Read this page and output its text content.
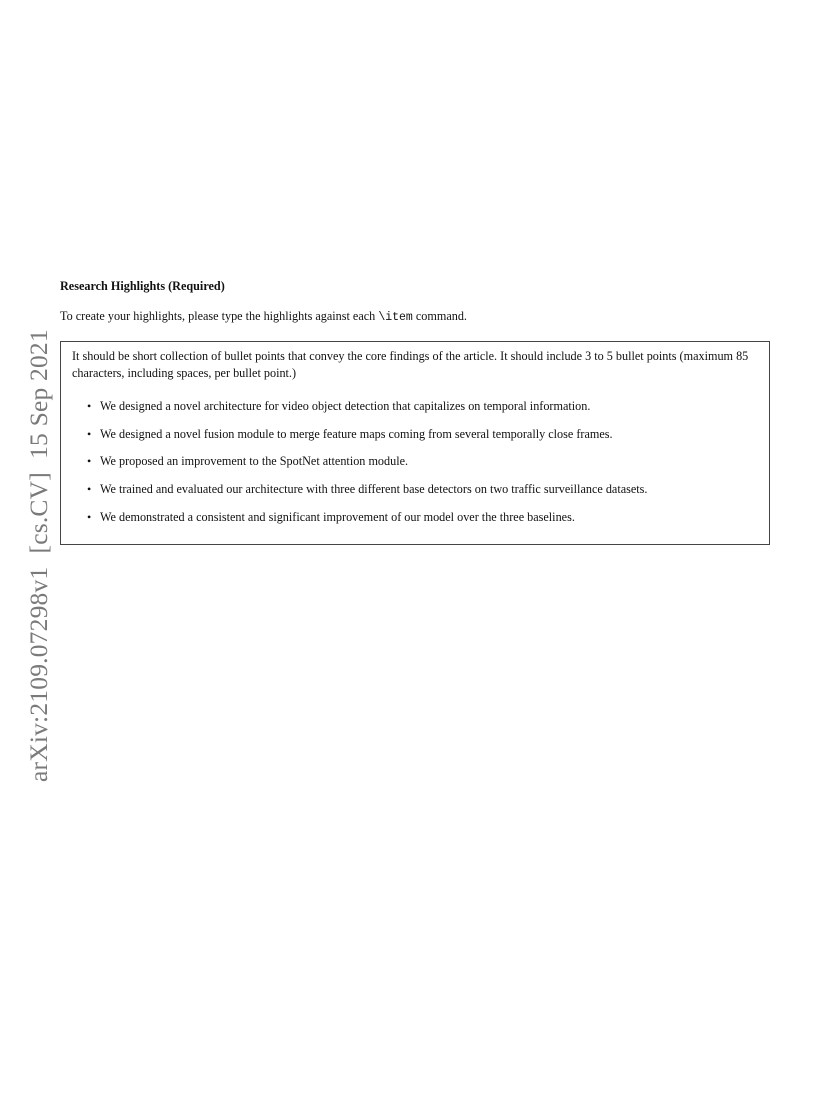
arXiv:2109.07298v1  [cs.CV]  15 Sep 2021
Research Highlights (Required)
To create your highlights, please type the highlights against each \item command.
It should be short collection of bullet points that convey the core findings of the article. It should include 3 to 5 bullet points (maximum 85 characters, including spaces, per bullet point.)
• We designed a novel architecture for video object detection that capitalizes on temporal information.
• We designed a novel fusion module to merge feature maps coming from several temporally close frames.
• We proposed an improvement to the SpotNet attention module.
• We trained and evaluated our architecture with three different base detectors on two traffic surveillance datasets.
• We demonstrated a consistent and significant improvement of our model over the three baselines.
